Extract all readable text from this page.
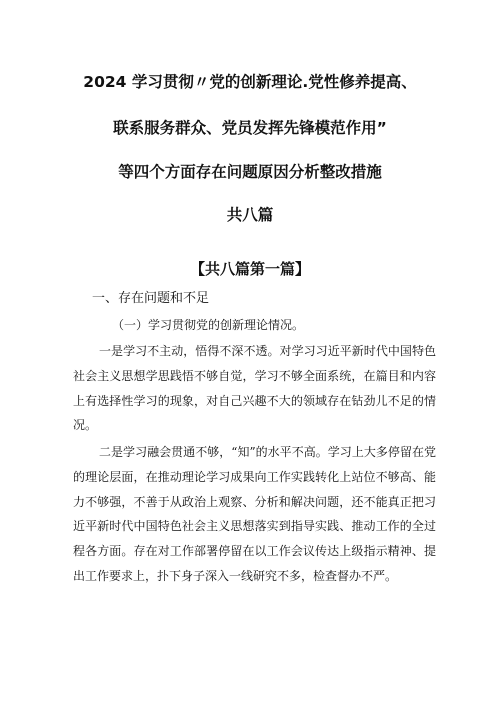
2024 学习贯彻〃党的创新理论.党性修养提高、
联系服务群众、党员发挥先锋模范作用”
等四个方面存在问题原因分析整改措施
共八篇
【共八篇第一篇】
一、存在问题和不足
（一）学习贯彻党的创新理论情况。

一是学习不主动，悟得不深不透。对学习习近平新时代中国特色社会主义思想学思践悟不够自觉，学习不够全面系统，在篇目和内容上有选择性学习的现象，对自己兴趣不大的领域存在钻劲儿不足的情况。

二是学习融会贯通不够，“知”的水平不高。学习上大多停留在党的理论层面，在推动理论学习成果向工作实践转化上站位不够高、能力不够强，不善于从政治上观察、分析和解决问题，还不能真正把习近平新时代中国特色社会主义思想落实到指导实践、推动工作的全过程各方面。存在对工作部署停留在以工作会议传达上级指示精神、提出工作要求上，扑下身子深入一线研究不多，检查督办不严。
